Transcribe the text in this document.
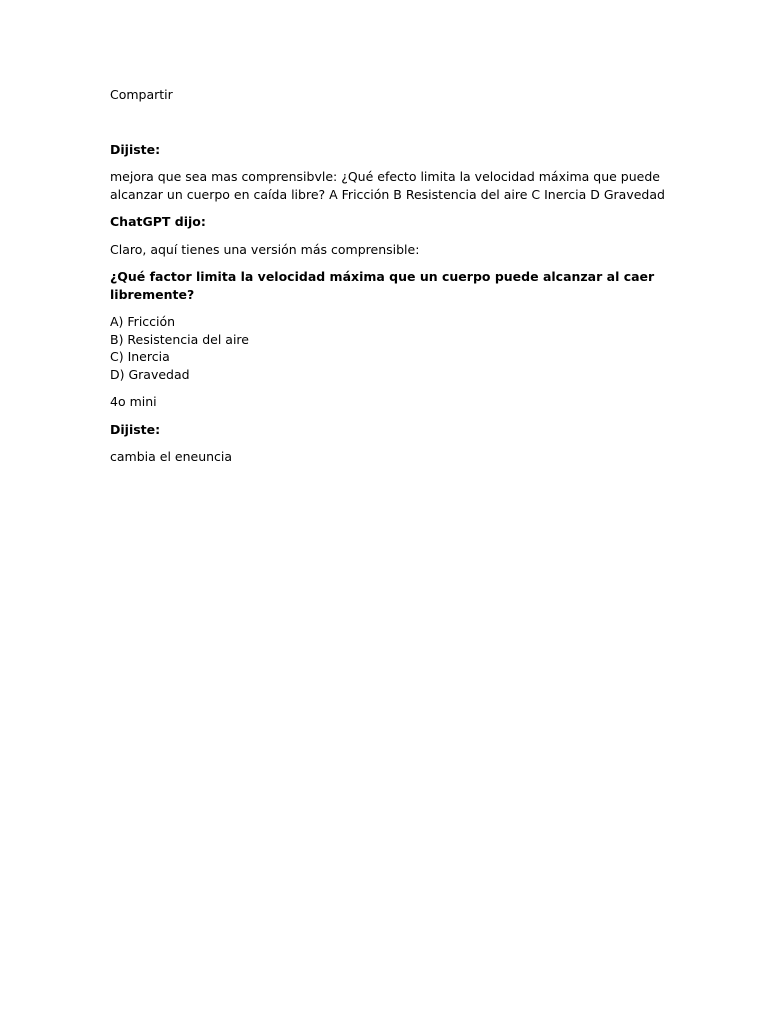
Compartir

Dijiste:

mejora que sea mas comprensibvle: ¿Qué efecto limita la velocidad máxima que puede alcanzar un cuerpo en caída libre? A Fricción B Resistencia del aire C Inercia D Gravedad

ChatGPT dijo:

Claro, aquí tienes una versión más comprensible:

¿Qué factor limita la velocidad máxima que un cuerpo puede alcanzar al caer libremente?

A) Fricción
B) Resistencia del aire
C) Inercia
D) Gravedad

4o mini

Dijiste:

cambia el eneuncia
